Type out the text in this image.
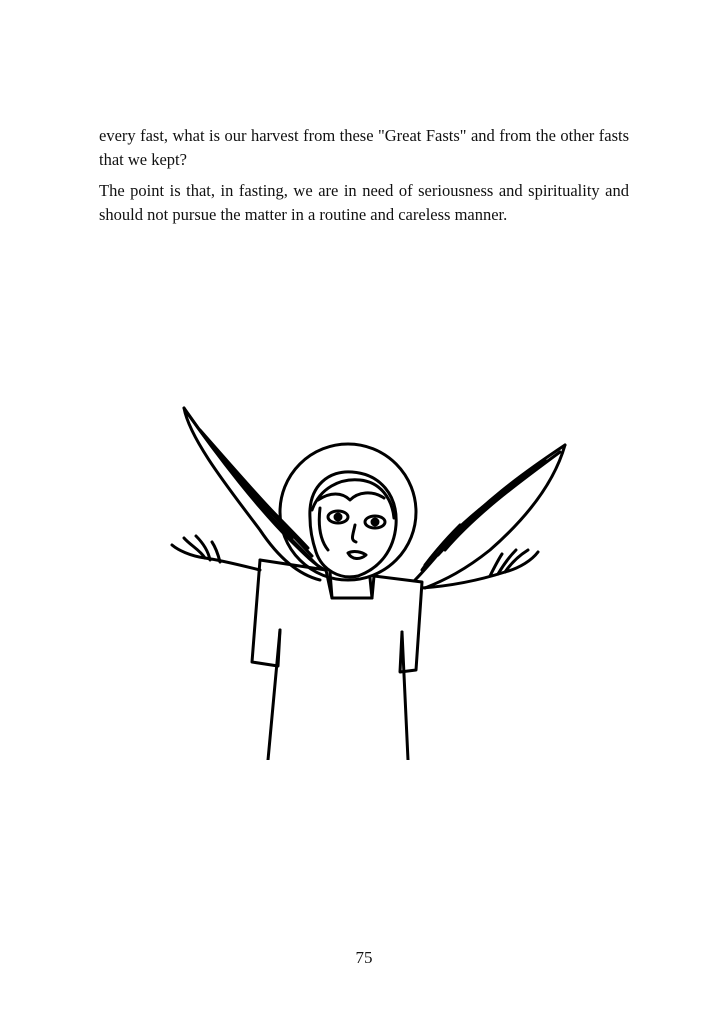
every fast, what is our harvest from these "Great Fasts" and from the other fasts that we kept?

The point is that, in fasting, we are in need of seriousness and spirituality and should not pursue the matter in a routine and careless manner.

75
